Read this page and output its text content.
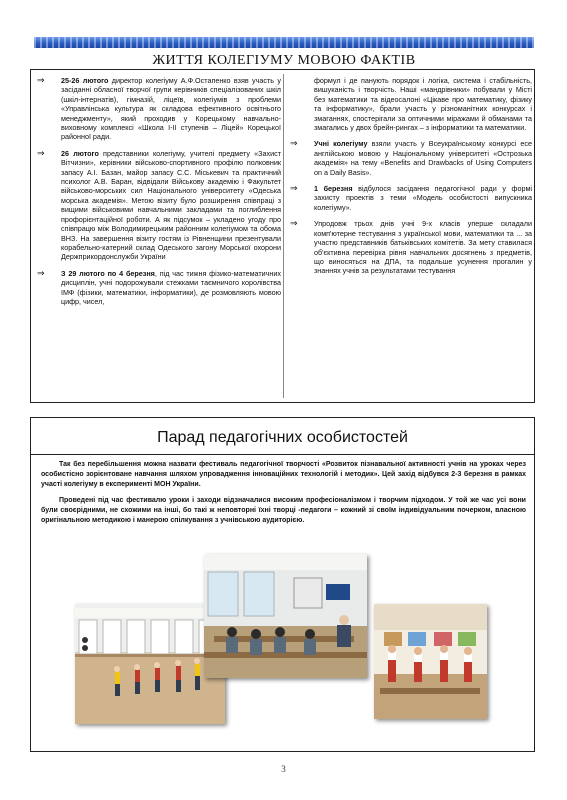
ЖИТТЯ КОЛЕГІУМУ МОВОЮ ФАКТІВ
⇒ 25-26 лютого директор колегіуму А.Ф.Остапенко взяв участь у засіданні обласної творчої групи керівників спеціалізованих шкіл (шкіл-інтернатів), гімназій, ліцеїв, колегіумів з проблеми «Управлінська культура як складова ефективного освітнього менеджменту», який проходив у Корецькому навчально-виховному комплексі «Школа І-ІІ ступенів – Ліцей» Корецької районної ради.
⇒ 26 лютого представники колегіуму, учителі предмету «Захист Вітчизни», керівники військово-спортивного профілю полковник запасу А.І. Базан, майор запасу С.С. Міськевич та практичний психолог А.В. Баран, відвідали Військову академію і Факультет військово-морських сил Національного університету «Одеська морська академія». Метою візиту було розширення співпраці з вищими військовими навчальними закладами та поглиблення профорієнтаційної роботи. А як підсумок – укладено угоду про співпрацю між Володимирецьким районним колегіумом та обома ВНЗ. На завершення візиту гостям із Рівненщини презентували корабельно-катерний склад Одеського загону Морської охорони Держприкордонслужби України
⇒ З 29 лютого по 4 березня, під час тижня фізико-математичних дисциплін, учні подорожували стежками таємничого королівства ІМФ (фізики, математики, інформатики), де розмовляють мовою цифр, чисел,
формул і де панують порядок і логіка, система і стабільність, вишуканість і творчість. Наші «мандрівники» побували у Місті без математики та відеосалоні «Цікаве про математику, фізику та інформатику», брали участь у різноманітних конкурсах і змаганнях, спостерігали за оптичними міражами й обманами та змагались у двох брейн-рингах – з інформатики та математики.
⇒ Учні колегіуму взяли участь у Всеукраїнському конкурсі есе англійською мовою у Національному університеті «Острозька академія» на тему «Benefits and Drawbacks of Using Computers on a Daily Basis».
⇒ 1 березня відбулося засідання педагогічної ради у формі захисту проектів з теми «Модель особистості випускника колегіуму».
⇒ Упродовж трьох днів учні 9-х класів уперше складали комп'ютерне тестування з української мови, математики та ... за участю представників батьківських комітетів. За мету ставилася об'єктивна перевірка рівня навчальних досягнень з предметів, що виносяться на ДПА, та подальше усунення прогалин у знаннях учнів за результатами тестування
Парад педагогічних особистостей

Так без перебільшення можна назвати фестиваль педагогічної творчості «Розвиток пізнавальної активності учнів на уроках через особистісно зорієнтоване навчання шляхом упровадження інноваційних технологій і методик». Цей захід відбувся 2-3 березня в рамках участі колегіуму в експерименті МОН України.

Проведені під час фестивалю уроки і заходи відзначалися високим професіоналізмом і творчим підходом. У той же час усі вони були своєрідними, не схожими на інші, бо такі ж неповторні їхні творці -педагоги – кожний зі своїм індивідуальним почерком, власною оригінальною методикою і манерою спілкування з учнівською аудиторією.

3
